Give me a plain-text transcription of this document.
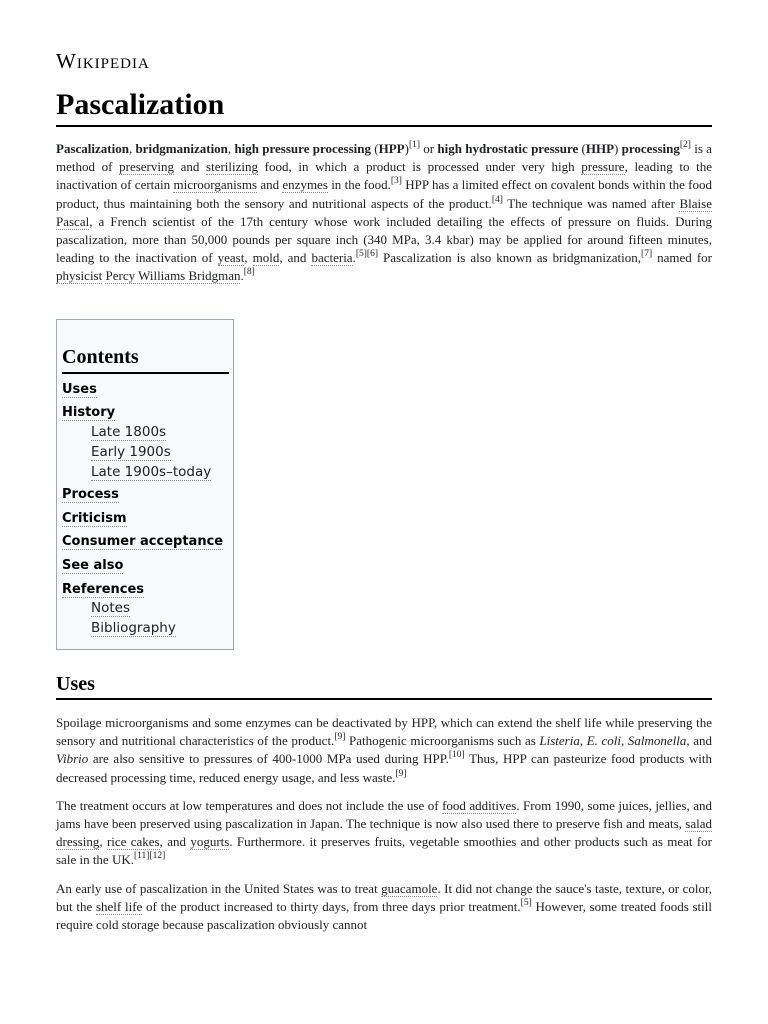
Wikipedia
Pascalization

Pascalization, bridgmanization, high pressure processing (HPP)[1] or high hydrostatic pressure (HHP) processing[2] is a method of preserving and sterilizing food, in which a product is processed under very high pressure, leading to the inactivation of certain microorganisms and enzymes in the food.[3] HPP has a limited effect on covalent bonds within the food product, thus maintaining both the sensory and nutritional aspects of the product.[4] The technique was named after Blaise Pascal, a French scientist of the 17th century whose work included detailing the effects of pressure on fluids. During pascalization, more than 50,000 pounds per square inch (340 MPa, 3.4 kbar) may be applied for around fifteen minutes, leading to the inactivation of yeast, mold, and bacteria.[5][6] Pascalization is also known as bridgmanization,[7] named for physicist Percy Williams Bridgman.[8]

Contents
Uses
History
Late 1800s
Early 1900s
Late 1900s–today
Process
Criticism
Consumer acceptance
See also
References
Notes
Bibliography
Uses

Spoilage microorganisms and some enzymes can be deactivated by HPP, which can extend the shelf life while preserving the sensory and nutritional characteristics of the product.[9] Pathogenic microorganisms such as Listeria, E. coli, Salmonella, and Vibrio are also sensitive to pressures of 400-1000 MPa used during HPP.[10] Thus, HPP can pasteurize food products with decreased processing time, reduced energy usage, and less waste.[9]

The treatment occurs at low temperatures and does not include the use of food additives. From 1990, some juices, jellies, and jams have been preserved using pascalization in Japan. The technique is now also used there to preserve fish and meats, salad dressing, rice cakes, and yogurts. Furthermore. it preserves fruits, vegetable smoothies and other products such as meat for sale in the UK.[11][12]

An early use of pascalization in the United States was to treat guacamole. It did not change the sauce's taste, texture, or color, but the shelf life of the product increased to thirty days, from three days prior treatment.[5] However, some treated foods still require cold storage because pascalization obviously cannot
